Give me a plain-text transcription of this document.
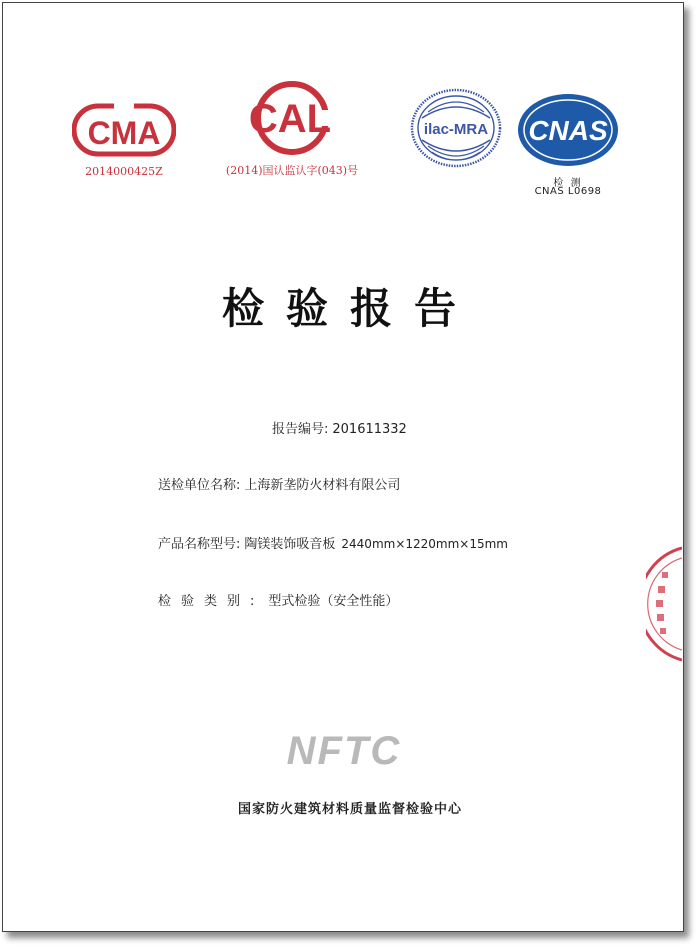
CMA
2014000425Z
CAL
(2014)国认监认字(043)号
ilac-MRA CNAS
检 测
CNAS L0698
检验报告
报告编号: 201611332
送检单位名称: 上海新垄防火材料有限公司
产品名称型号: 陶镁装饰吸音板 2440mm×1220mm×15mm
检验类别: 型式检验（安全性能）
NFTC
国家防火建筑材料质量监督检验中心
